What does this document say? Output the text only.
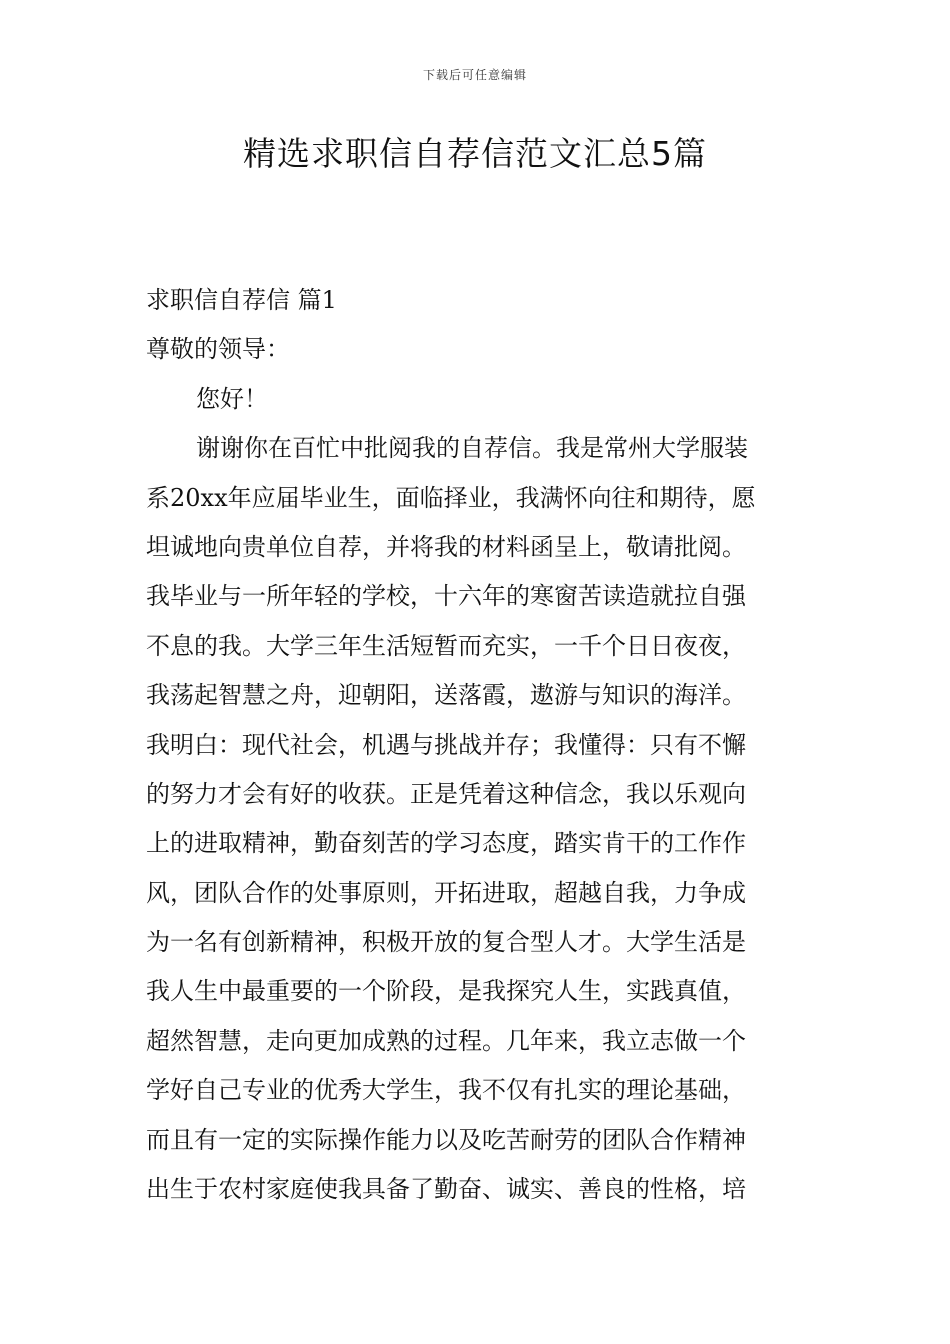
下载后可任意编辑
精选求职信自荐信范文汇总5篇
求职信自荐信 篇1
尊敬的领导：
您好！
谢谢你在百忙中批阅我的自荐信。我是常州大学服装
系20xx年应届毕业生，面临择业，我满怀向往和期待，愿
坦诚地向贵单位自荐，并将我的材料函呈上，敬请批阅。
我毕业与一所年轻的学校，十六年的寒窗苦读造就拉自强
不息的我。大学三年生活短暂而充实，一千个日日夜夜，
我荡起智慧之舟，迎朝阳，送落霞，遨游与知识的海洋。
我明白：现代社会，机遇与挑战并存；我懂得：只有不懈
的努力才会有好的收获。正是凭着这种信念，我以乐观向
上的进取精神，勤奋刻苦的学习态度，踏实肯干的工作作
风，团队合作的处事原则，开拓进取，超越自我，力争成
为一名有创新精神，积极开放的复合型人才。大学生活是
我人生中最重要的一个阶段，是我探究人生，实践真值，
超然智慧，走向更加成熟的过程。几年来，我立志做一个
学好自己专业的优秀大学生，我不仅有扎实的理论基础，
而且有一定的实际操作能力以及吃苦耐劳的团队合作精神
出生于农村家庭使我具备了勤奋、诚实、善良的性格，培
